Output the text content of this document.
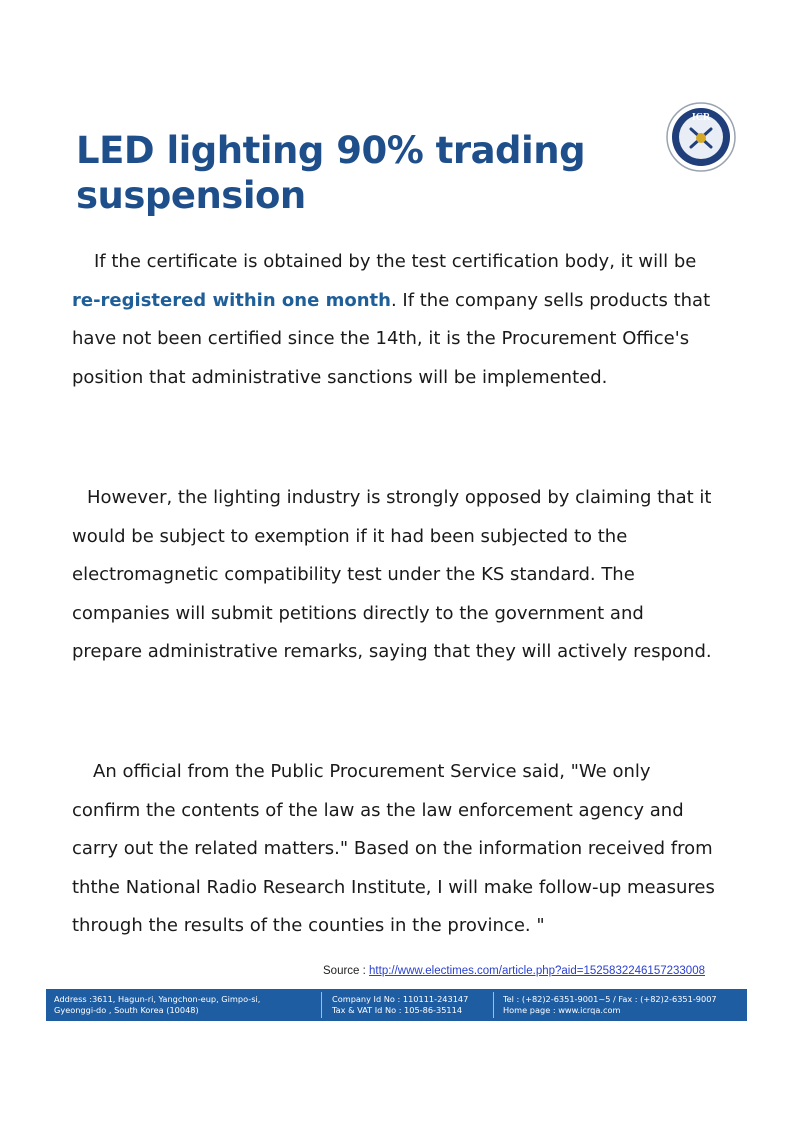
ICR
LED lighting 90% trading suspension

If the certificate is obtained by the test certification body, it will be re-registered within one month. If the company sells products that have not been certified since the 14th, it is the Procurement Office's position that administrative sanctions will be implemented.

However, the lighting industry is strongly opposed by claiming that it would be subject to exemption if it had been subjected to the electromagnetic compatibility test under the KS standard. The companies will submit petitions directly to the government and prepare administrative remarks, saying that they will actively respond.

An official from the Public Procurement Service said, "We only confirm the contents of the law as the law enforcement agency and carry out the related matters." Based on the information received from ththe National Radio Research Institute, I will make follow-up measures through the results of the counties in the province. "

Source : http://www.electimes.com/article.php?aid=1525832246157233008
Address :3611, Hagun-ri, Yangchon-eup, Gimpo-si,
Gyeonggi-do , South Korea (10048)
Company Id No : 110111-243147
Tax & VAT Id No : 105-86-35114
Tel : (+82)2-6351-9001~5 / Fax : (+82)2-6351-9007
Home page : www.icrqa.com
